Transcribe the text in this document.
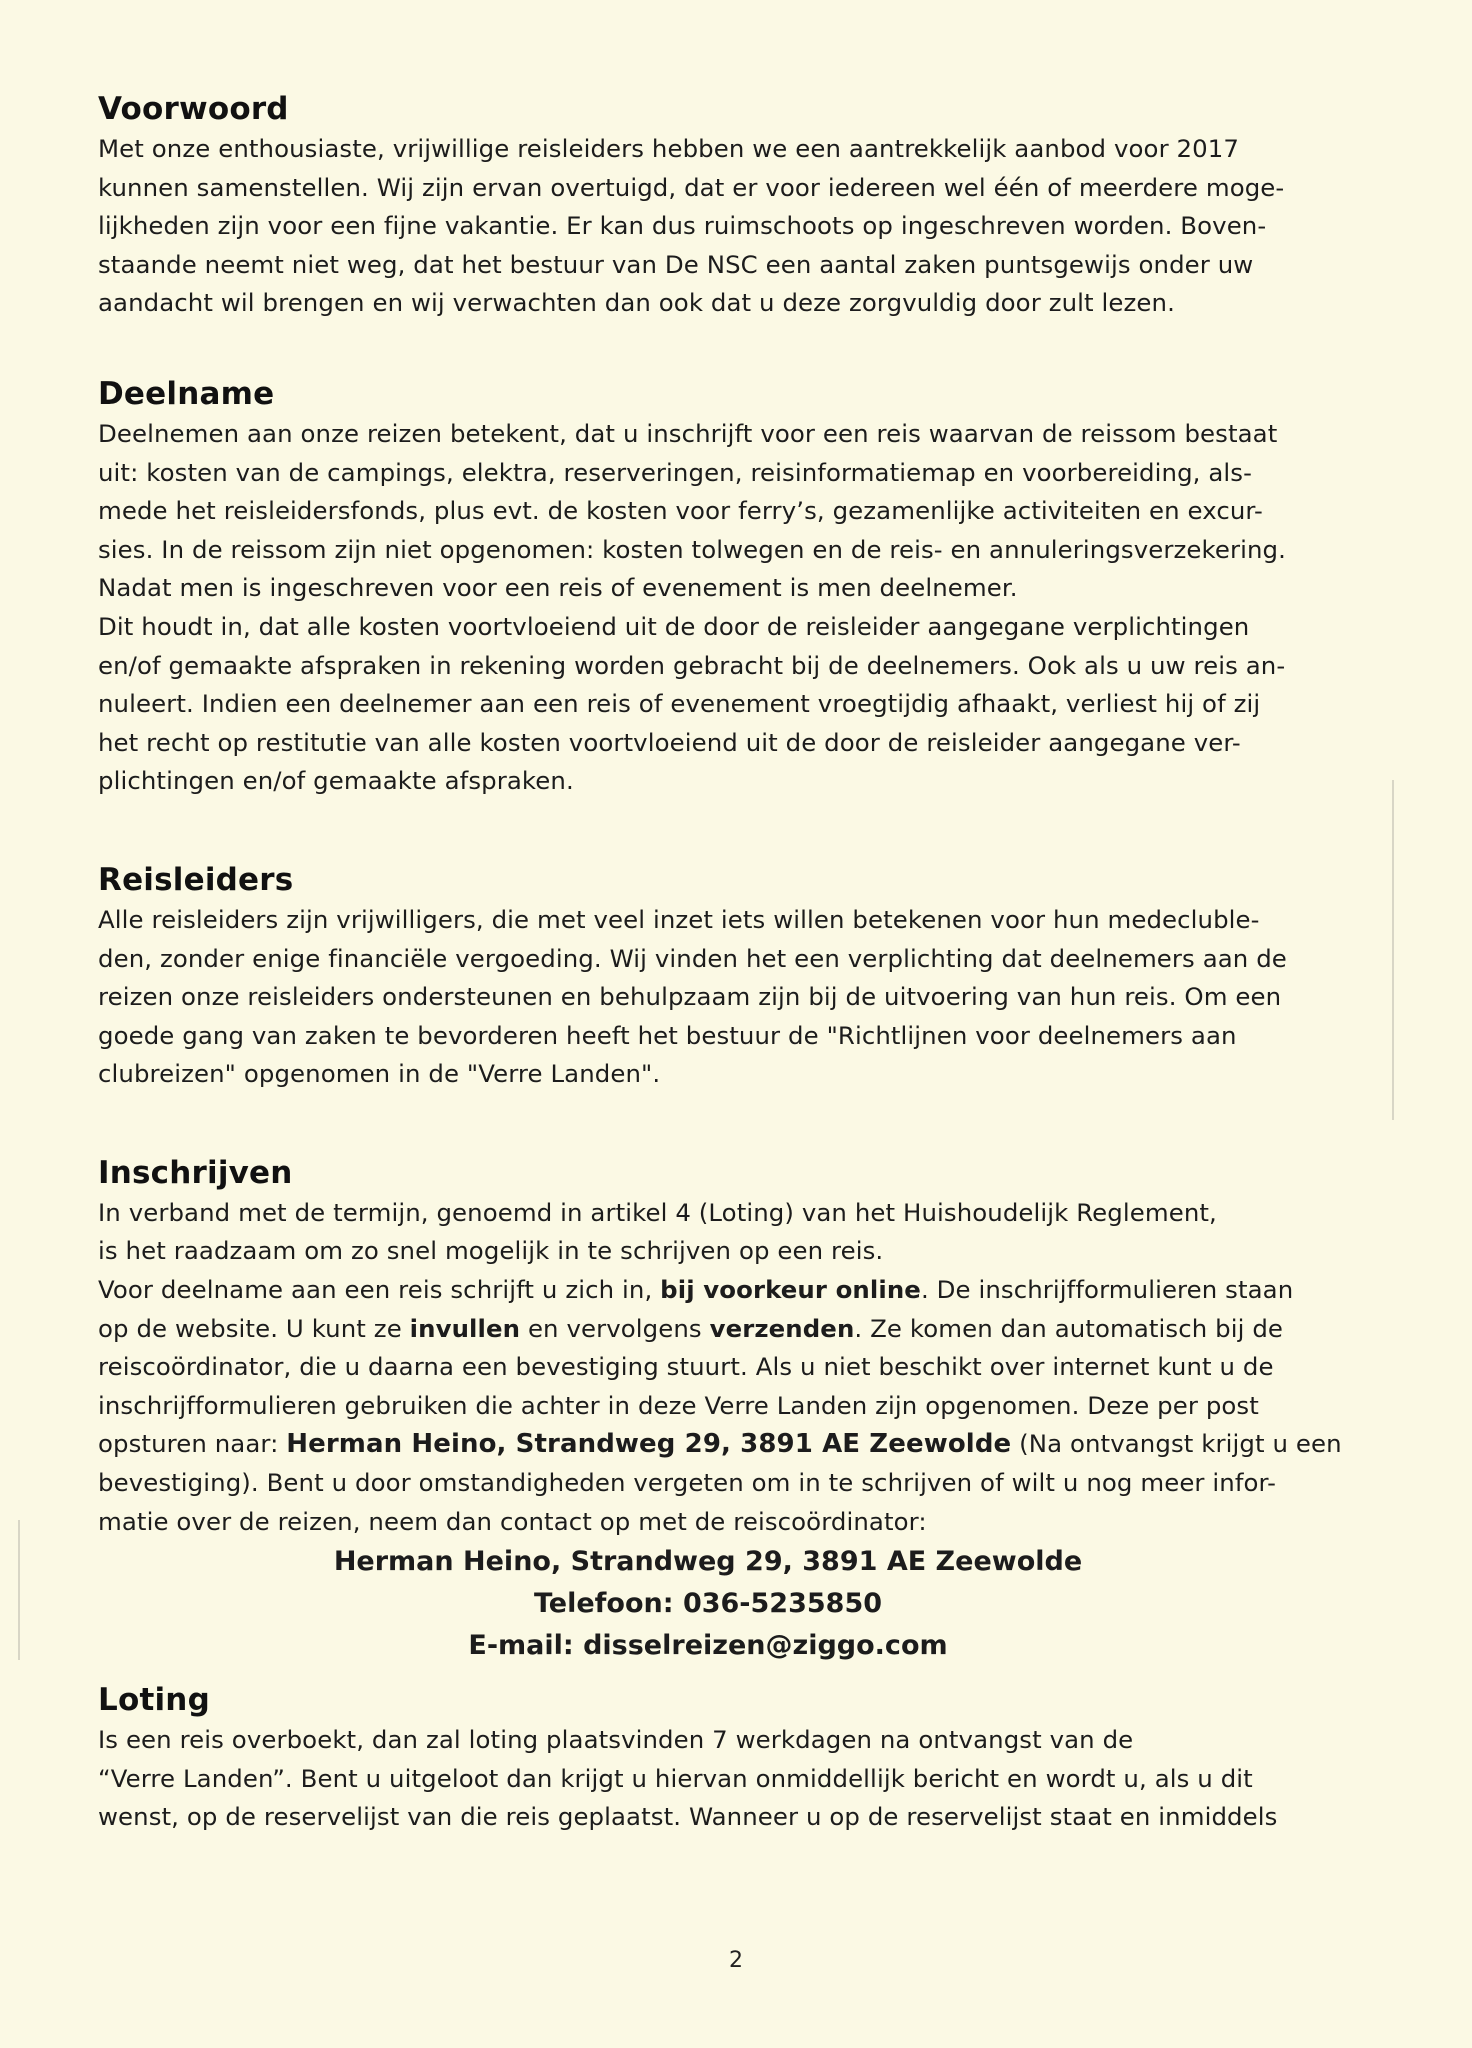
Voorwoord

Met onze enthousiaste, vrijwillige reisleiders hebben we een aantrekkelijk aanbod voor 2017
kunnen samenstellen. Wij zijn ervan overtuigd, dat er voor iedereen wel één of meerdere moge-
lijkheden zijn voor een fijne vakantie. Er kan dus ruimschoots op ingeschreven worden. Boven-
staande neemt niet weg, dat het bestuur van De NSC een aantal zaken puntsgewijs onder uw
aandacht wil brengen en wij verwachten dan ook dat u deze zorgvuldig door zult lezen.

Deelname

Deelnemen aan onze reizen betekent, dat u inschrijft voor een reis waarvan de reissom bestaat
uit: kosten van de campings, elektra, reserveringen, reisinformatiemap en voorbereiding, als-
mede het reisleidersfonds, plus evt. de kosten voor ferry’s, gezamenlijke activiteiten en excur-
sies. In de reissom zijn niet opgenomen: kosten tolwegen en de reis- en annuleringsverzekering.
Nadat men is ingeschreven voor een reis of evenement is men deelnemer.
Dit houdt in, dat alle kosten voortvloeiend uit de door de reisleider aangegane verplichtingen
en/of gemaakte afspraken in rekening worden gebracht bij de deelnemers. Ook als u uw reis an-
nuleert. Indien een deelnemer aan een reis of evenement vroegtijdig afhaakt, verliest hij of zij
het recht op restitutie van alle kosten voortvloeiend uit de door de reisleider aangegane ver-
plichtingen en/of gemaakte afspraken.

Reisleiders

Alle reisleiders zijn vrijwilligers, die met veel inzet iets willen betekenen voor hun medecluble-
den, zonder enige financiële vergoeding. Wij vinden het een verplichting dat deelnemers aan de
reizen onze reisleiders ondersteunen en behulpzaam zijn bij de uitvoering van hun reis. Om een
goede gang van zaken te bevorderen heeft het bestuur de "Richtlijnen voor deelnemers aan
clubreizen" opgenomen in de "Verre Landen".

Inschrijven

In verband met de termijn, genoemd in artikel 4 (Loting) van het Huishoudelijk Reglement,
is het raadzaam om zo snel mogelijk in te schrijven op een reis.
Voor deelname aan een reis schrijft u zich in, bij voorkeur online. De inschrijfformulieren staan
op de website. U kunt ze invullen en vervolgens verzenden. Ze komen dan automatisch bij de
reiscoördinator, die u daarna een bevestiging stuurt. Als u niet beschikt over internet kunt u de
inschrijfformulieren gebruiken die achter in deze Verre Landen zijn opgenomen. Deze per post
opsturen naar: Herman Heino, Strandweg 29, 3891 AE Zeewolde (Na ontvangst krijgt u een
bevestiging). Bent u door omstandigheden vergeten om in te schrijven of wilt u nog meer infor-
matie over de reizen, neem dan contact op met de reiscoördinator:

Herman Heino, Strandweg 29, 3891 AE Zeewolde
Telefoon: 036-5235850
E-mail: disselreizen@ziggo.com
Loting

Is een reis overboekt, dan zal loting plaatsvinden 7 werkdagen na ontvangst van de
“Verre Landen”. Bent u uitgeloot dan krijgt u hiervan onmiddellijk bericht en wordt u, als u dit
wenst, op de reservelijst van die reis geplaatst. Wanneer u op de reservelijst staat en inmiddels

2
